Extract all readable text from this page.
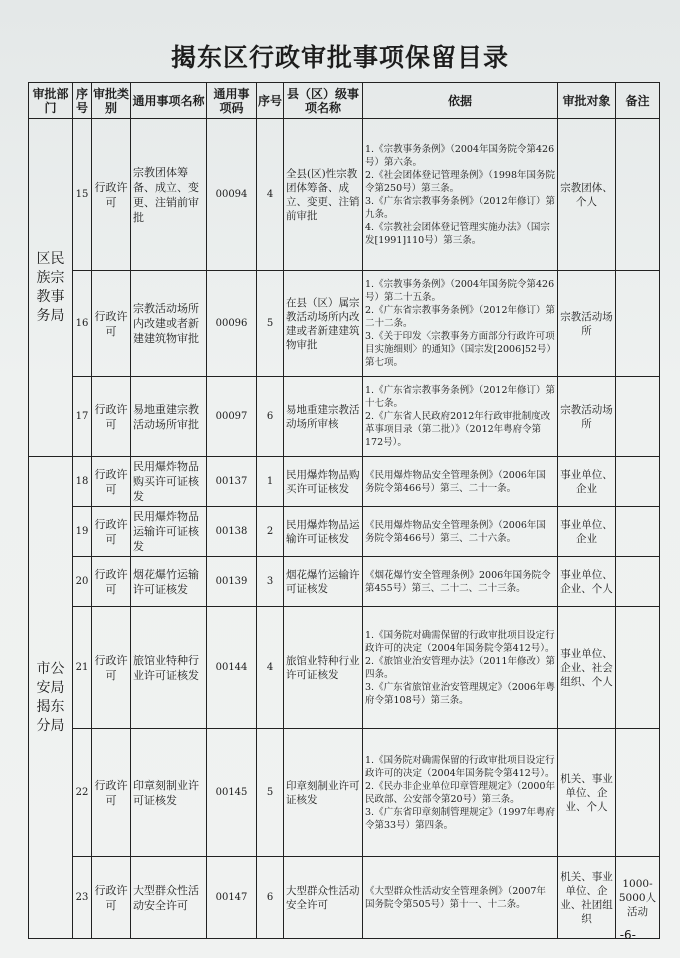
揭东区行政审批事项保留目录
审批部门	序号	审批类别	通用事项名称	通用事项码	序号	县（区）级事项名称	依据	审批对象	备注
区民族宗教事务局	15	行政许可	宗教团体筹备、成立、变更、注销前审批	00094	4	全县(区)性宗教团体筹备、成立、变更、注销前审批	1.《宗教事务条例》（2004年国务院令第426号）第六条。
2.《社会团体登记管理条例》（1998年国务院令第250号）第三条。
3.《广东省宗教事务条例》（2012年修订）第九条。
4.《宗教社会团体登记管理实施办法》（国宗发[1991]110号）第三条。	宗教团体、个人	
	16	行政许可	宗教活动场所内改建或者新建建筑物审批	00096	5	在县（区）属宗教活动场所内改建或者新建建筑物审批	1.《宗教事务条例》（2004年国务院令第426号）第二十五条。
2.《广东省宗教事务条例》（2012年修订）第二十二条。
3.《关于印发〈宗教事务方面部分行政许可项目实施细则〉的通知》（国宗发[2006]52号）第七项。	宗教活动场所	
	17	行政许可	易地重建宗教活动场所审批	00097	6	易地重建宗教活动场所审核	1.《广东省宗教事务条例》（2012年修订）第十七条。
2.《广东省人民政府2012年行政审批制度改革事项目录（第二批）》（2012年粤府令第172号）。	宗教活动场所	
市公安局揭东分局	18	行政许可	民用爆炸物品购买许可证核发	00137	1	民用爆炸物品购买许可证核发	《民用爆炸物品安全管理条例》（2006年国务院令第466号）第三、二十一条。	事业单位、企业	
	19	行政许可	民用爆炸物品运输许可证核发	00138	2	民用爆炸物品运输许可证核发	《民用爆炸物品安全管理条例》（2006年国务院令第466号）第三、二十六条。	事业单位、企业	
	20	行政许可	烟花爆竹运输许可证核发	00139	3	烟花爆竹运输许可证核发	《烟花爆竹安全管理条例》2006年国务院令第455号）第三、二十二、二十三条。	事业单位、企业、个人	
	21	行政许可	旅馆业特种行业许可证核发	00144	4	旅馆业特种行业许可证核发	1.《国务院对确需保留的行政审批项目设定行政许可的决定（2004年国务院令第412号）。
2.《旅馆业治安管理办法》（2011年修改）第四条。
3.《广东省旅馆业治安管理规定》（2006年粤府令第108号）第三条。	事业单位、企业、社会组织、个人	
	22	行政许可	印章刻制业许可证核发	00145	5	印章刻制业许可证核发	1.《国务院对确需保留的行政审批项目设定行政许可的决定（2004年国务院令第412号）。
2.《民办非企业单位印章管理规定》（2000年民政部、公安部令第20号）第三条。
3.《广东省印章刻制管理规定》（1997年粤府令第33号）第四条。	机关、事业单位、企业、个人	
	23	行政许可	大型群众性活动安全许可	00147	6	大型群众性活动安全许可	《大型群众性活动安全管理条例》（2007年国务院令第505号）第十一、十二条。	机关、事业单位、企业、社团组织	1000-5000人活动
-6-
